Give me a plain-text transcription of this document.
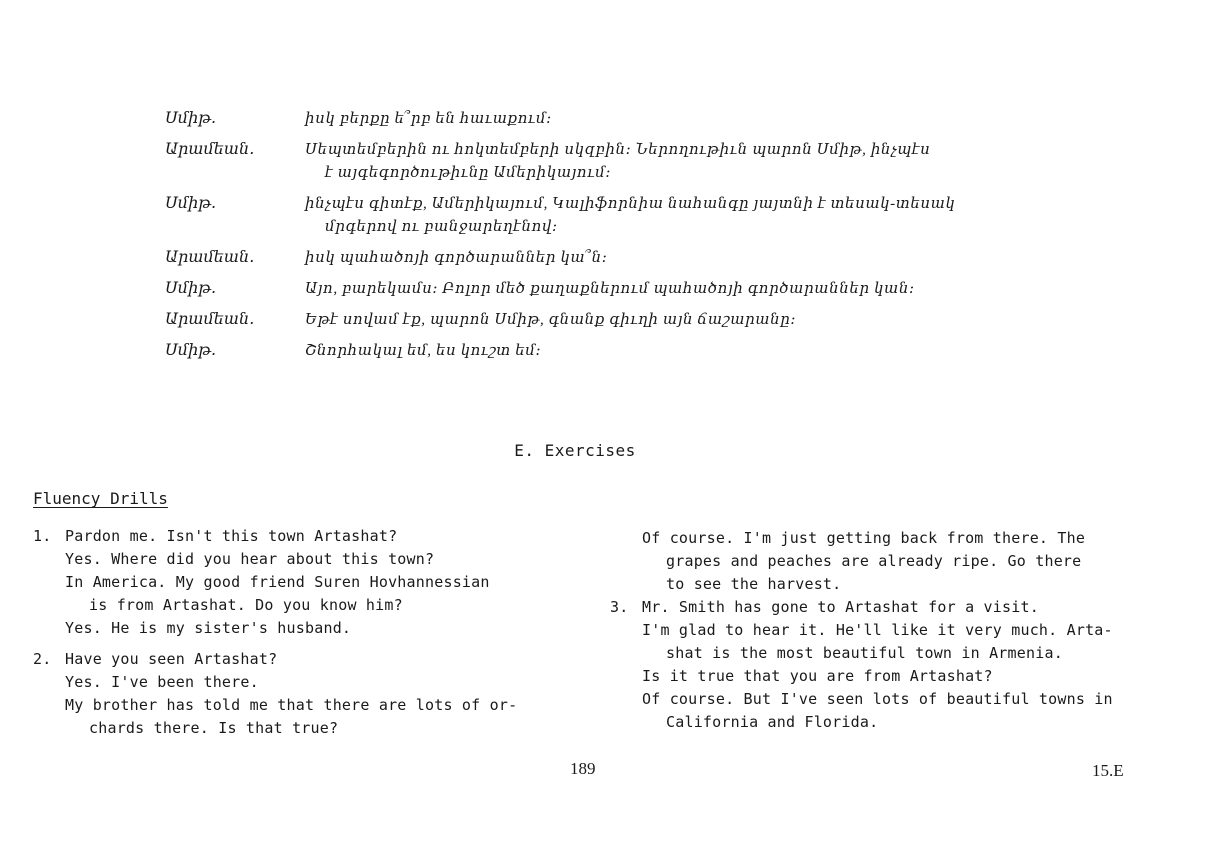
Սմիթ․	իսկ բերքը ե՞րբ են հաւաքում։
Արամեան․	Սեպտեմբերին ու հոկտեմբերի սկզբին։ Ներողութիւն պարոն Սմիթ, ինչպէս
է այգեգործութիւնը Ամերիկայում։
Սմիթ․	ինչպէս գիտէք, Ամերիկայում, Կալիֆորնիա նահանգը յայտնի է տեսակ-տեսակ
մրգերով ու բանջարեղէնով։
Արամեան․	իսկ պահածոյի գործարաններ կա՞ն։
Սմիթ․	Այո, բարեկամս։ Բոլոր մեծ քաղաքներում պահածոյի գործարաններ կան։
Արամեան․	Եթէ սովամ էք, պարոն Սմիթ, գնանք գիւղի այն ճաշարանը։
Սմիթ․	Շնորհակալ եմ, ես կուշտ եմ։
E. Exercises
Fluency Drills
1. Pardon me. Isn't this town Artashat?

Yes. Where did you hear about this town?

In America. My good friend Suren Hovhannessian
is from Artashat. Do you know him?

Yes. He is my sister's husband.

2. Have you seen Artashat?

Yes. I've been there.

My brother has told me that there are lots of or-
chards there. Is that true?

Of course. I'm just getting back from there. The
grapes and peaches are already ripe. Go there
to see the harvest.

3. Mr. Smith has gone to Artashat for a visit.

I'm glad to hear it. He'll like it very much. Arta-
shat is the most beautiful town in Armenia.

Is it true that you are from Artashat?

Of course. But I've seen lots of beautiful towns in
California and Florida.

189	15.E
